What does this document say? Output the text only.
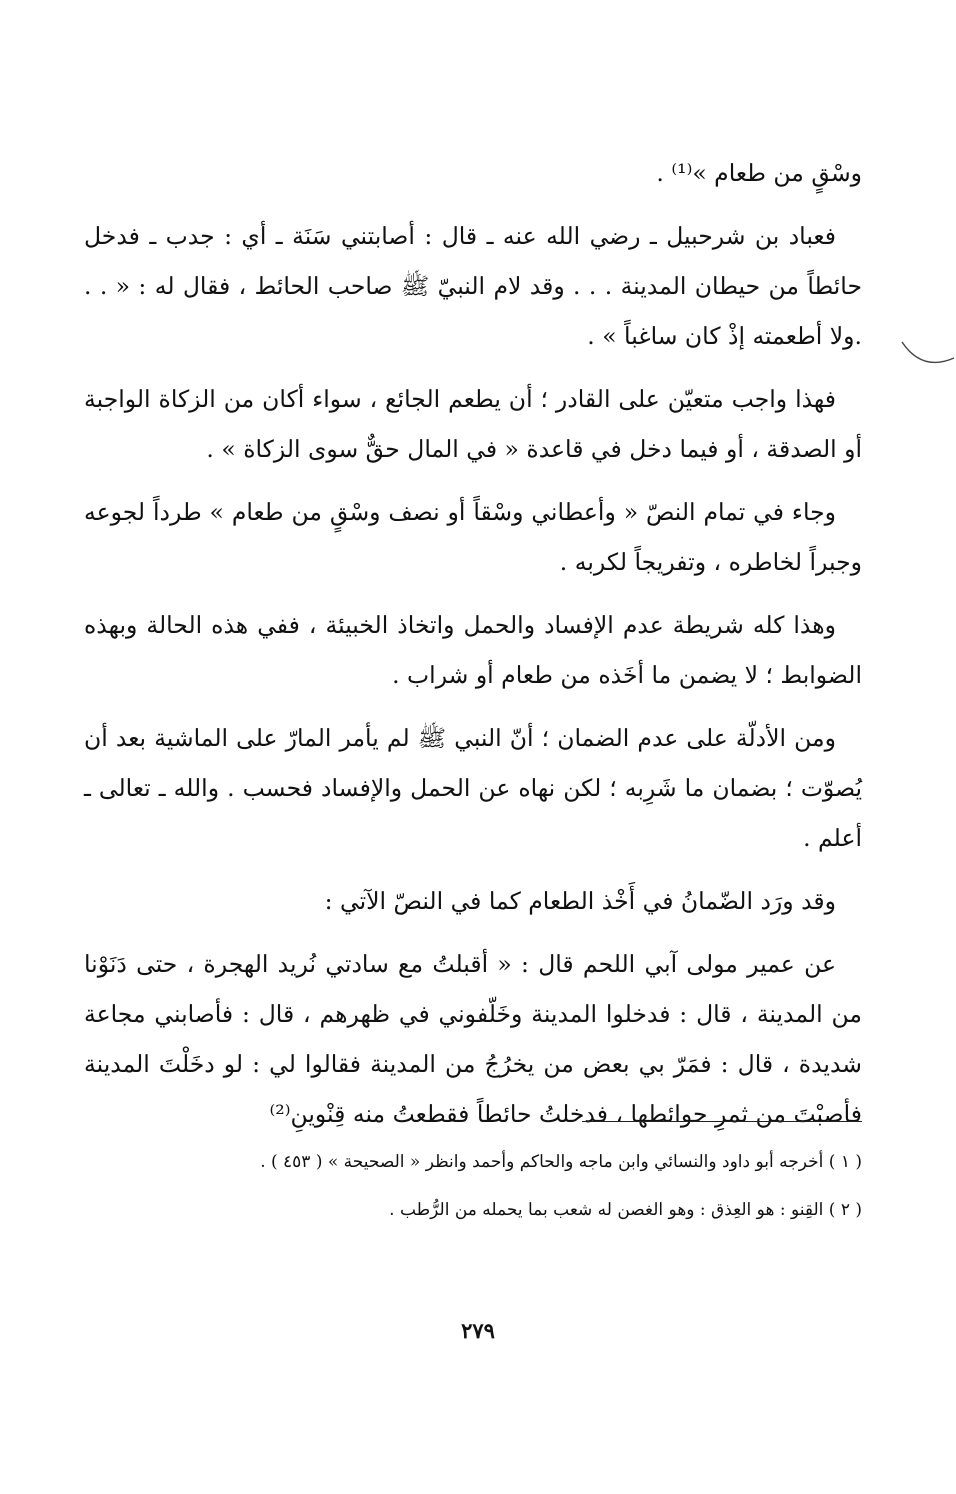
وسْقٍ من طعام »⁽¹⁾ .

فعباد بن شرحبيل ـ رضي الله عنه ـ قال : أصابتني سَنَة ـ أي : جدب ـ فدخل حائطاً من حيطان المدينة . . . وقد لام النبيّ ﷺ صاحب الحائط ، فقال له : « . . .ولا أطعمته إذْ كان ساغباً » .

فهذا واجب متعيّن على القادر ؛ أن يطعم الجائع ، سواء أكان من الزكاة الواجبة أو الصدقة ، أو فيما دخل في قاعدة « في المال حقٌّ سوى الزكاة » .

وجاء في تمام النصّ « وأعطاني وسْقاً أو نصف وسْقٍ من طعام » طرداً لجوعه وجبراً لخاطره ، وتفريجاً لكربه .

وهذا كله شريطة عدم الإفساد والحمل واتخاذ الخبيئة ، ففي هذه الحالة وبهذه الضوابط ؛ لا يضمن ما أخَذه من طعام أو شراب .

ومن الأدلّة على عدم الضمان ؛ أنّ النبي ﷺ لم يأمر المارّ على الماشية بعد أن يُصوّت ؛ بضمان ما شَرِبه ؛ لكن نهاه عن الحمل والإفساد فحسب . والله ـ تعالى ـ أعلم .

وقد ورَد الضّمانُ في أَخْذ الطعام كما في النصّ الآتي :

عن عمير مولى آبي اللحم قال : « أقبلتُ مع سادتي نُريد الهجرة ، حتى دَنَوْنا من المدينة ، قال : فدخلوا المدينة وخَلّفوني في ظهرهم ، قال : فأصابني مجاعة شديدة ، قال : فمَرّ بي بعض من يخرُجُ من المدينة فقالوا لي : لو دخَلْتَ المدينة فأصبْتَ من ثمرِ حوائطها ، فدخلتُ حائطاً فقطعتُ منه قِنْوينِ⁽²⁾

( ١ ) أخرجه أبو داود والنسائي وابن ماجه والحاكم وأحمد وانظر « الصحيحة » ( ٤٥٣ ) .

( ٢ ) القِنو : هو العِذق : وهو الغصن له شعب بما يحمله من الرُّطب .

٢٧٩
